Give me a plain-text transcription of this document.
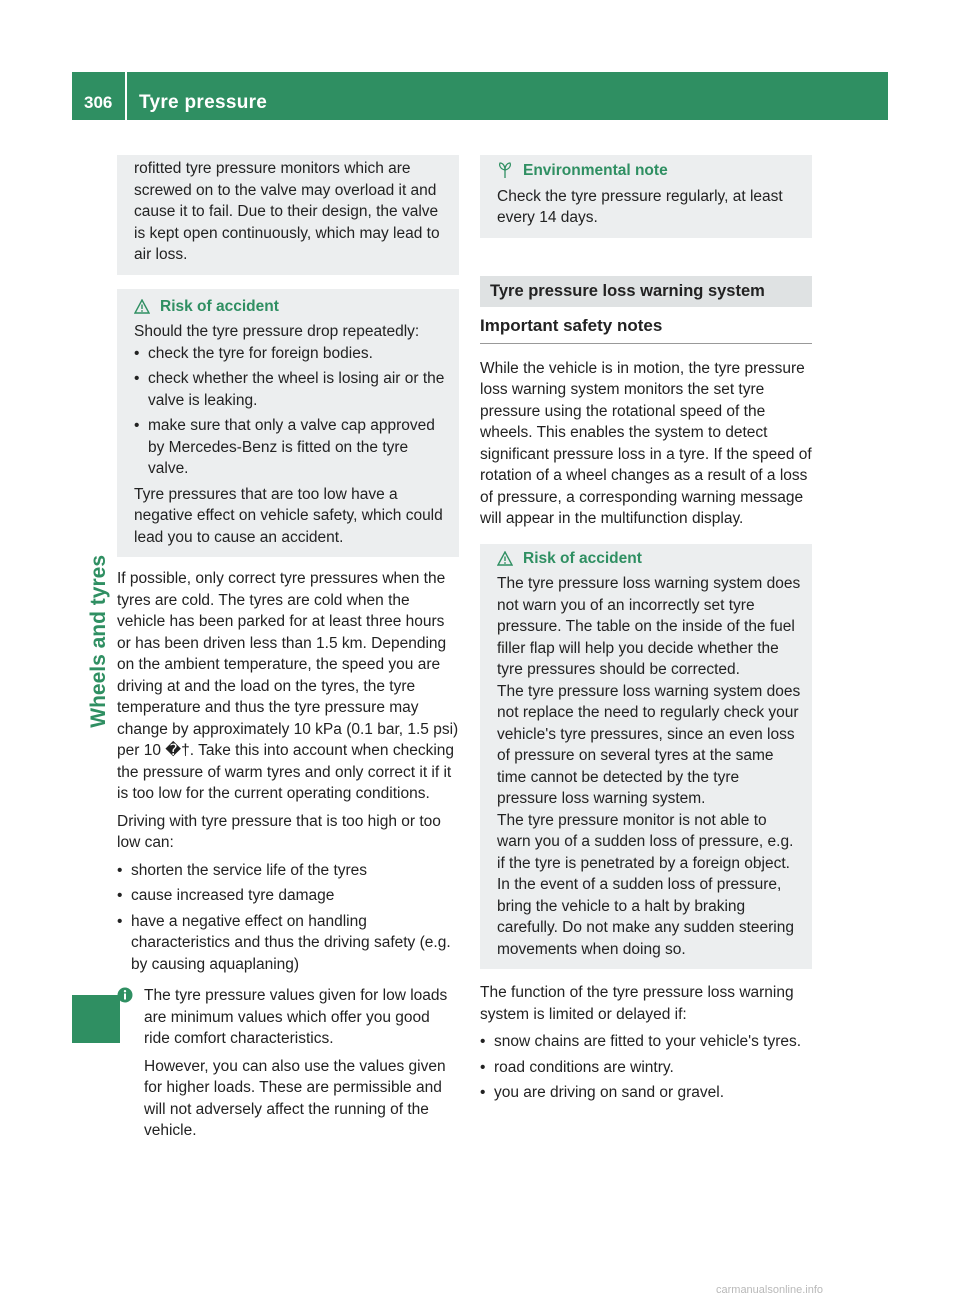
306 Tyre pressure
Wheels and tyres

rofitted tyre pressure monitors which are screwed on to the valve may overload it and cause it to fail. Due to their design, the valve is kept open continuously, which may lead to air loss.

Risk of accident

Should the tyre pressure drop repeatedly:

• check the tyre for foreign bodies.
• check whether the wheel is losing air or the valve is leaking.
• make sure that only a valve cap approved by Mercedes-Benz is fitted on the tyre valve.

Tyre pressures that are too low have a negative effect on vehicle safety, which could lead you to cause an accident.

If possible, only correct tyre pressures when the tyres are cold. The tyres are cold when the vehicle has been parked for at least three hours or has been driven less than 1.5 km. Depending on the ambient temperature, the speed you are driving at and the load on the tyres, the tyre temperature and thus the tyre pressure may change by approximately 10 kPa (0.1 bar, 1.5 psi) per 10 �†. Take this into account when checking the pressure of warm tyres and only correct it if it is too low for the current operating conditions.

Driving with tyre pressure that is too high or too low can:

• shorten the service life of the tyres
• cause increased tyre damage
• have a negative effect on handling characteristics and thus the driving safety (e.g. by causing aquaplaning)

The tyre pressure values given for low loads are minimum values which offer you good ride comfort characteristics.

However, you can also use the values given for higher loads. These are permissible and will not adversely affect the running of the vehicle.

Environmental note

Check the tyre pressure regularly, at least every 14 days.

Tyre pressure loss warning system
Important safety notes

While the vehicle is in motion, the tyre pressure loss warning system monitors the set tyre pressure using the rotational speed of the wheels. This enables the system to detect significant pressure loss in a tyre. If the speed of rotation of a wheel changes as a result of a loss of pressure, a corresponding warning message will appear in the multifunction display.

Risk of accident

The tyre pressure loss warning system does not warn you of an incorrectly set tyre pressure. The table on the inside of the fuel filler flap will help you decide whether the tyre pressures should be corrected.

The tyre pressure loss warning system does not replace the need to regularly check your vehicle's tyre pressures, since an even loss of pressure on several tyres at the same time cannot be detected by the tyre pressure loss warning system.

The tyre pressure monitor is not able to warn you of a sudden loss of pressure, e.g. if the tyre is penetrated by a foreign object.

In the event of a sudden loss of pressure, bring the vehicle to a halt by braking carefully. Do not make any sudden steering movements when doing so.

The function of the tyre pressure loss warning system is limited or delayed if:

• snow chains are fitted to your vehicle's tyres.
• road conditions are wintry.
• you are driving on sand or gravel.
carmanualsonline.info
